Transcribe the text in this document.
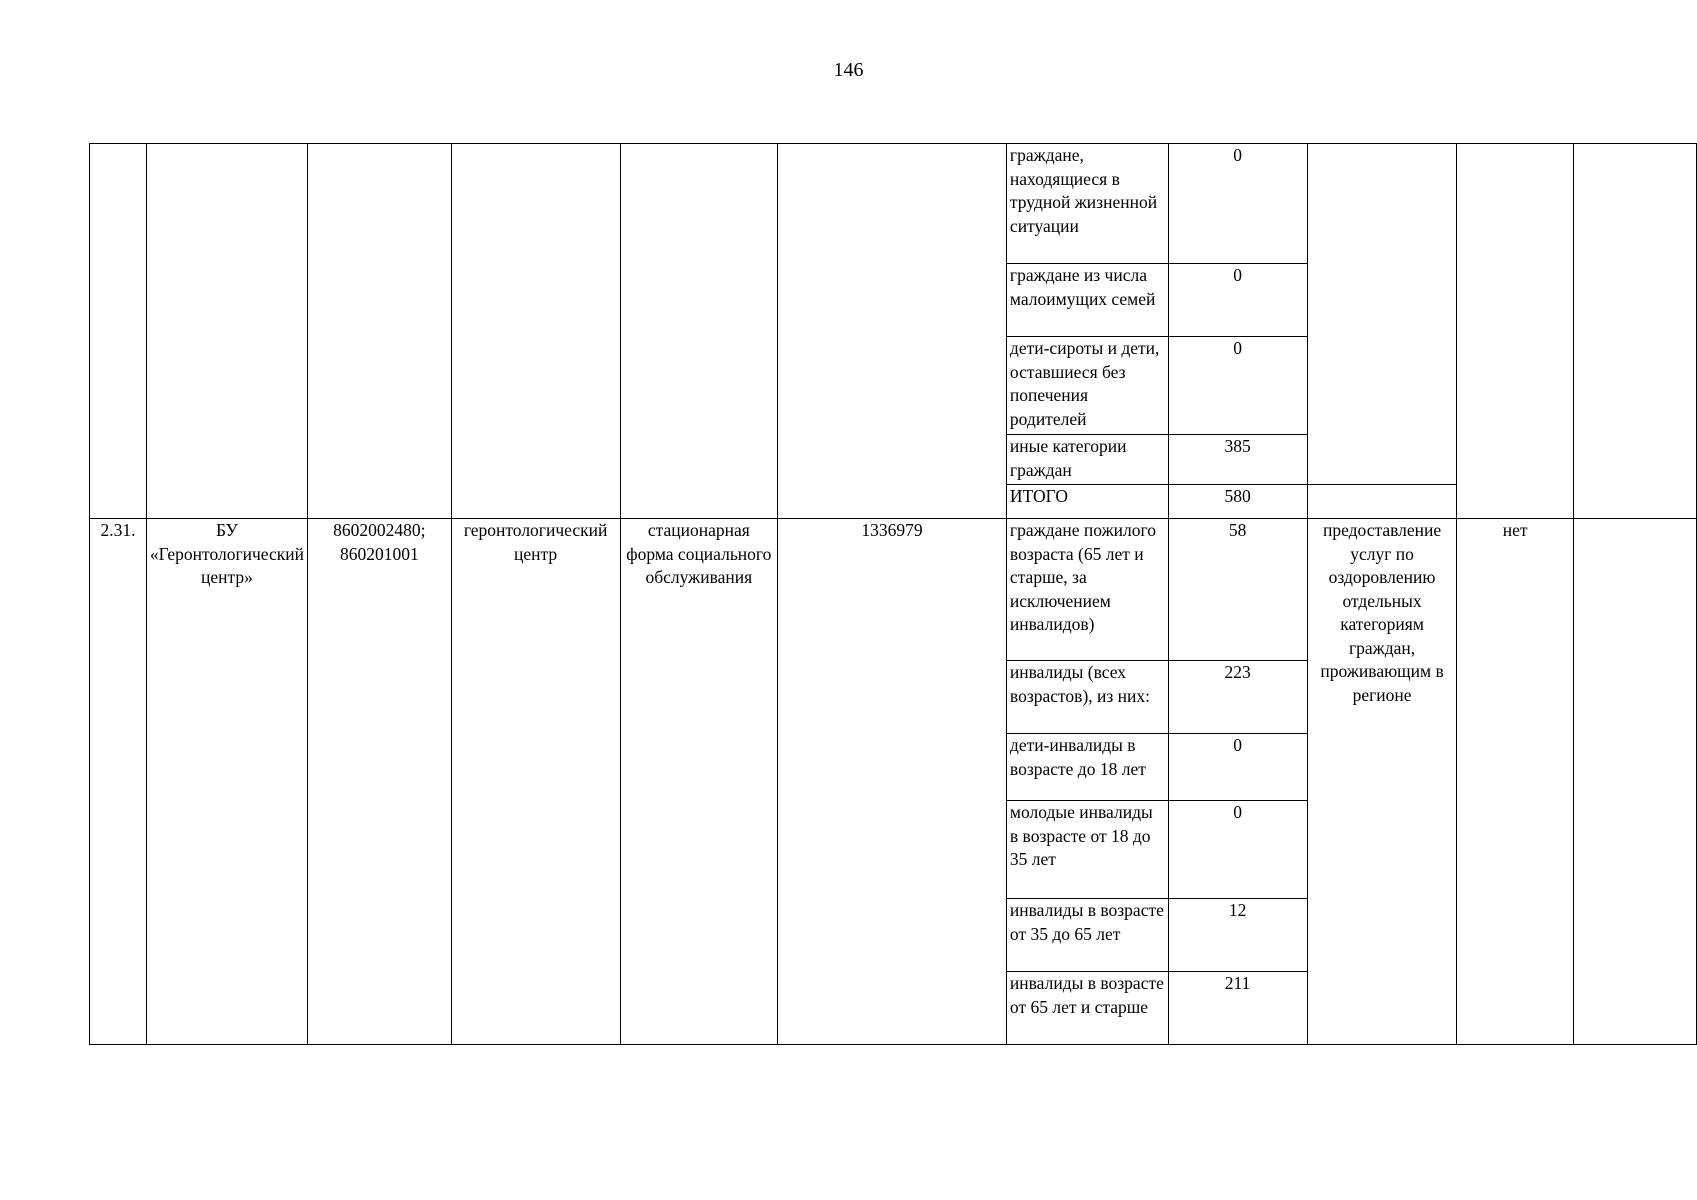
146
						граждане, находящиеся в трудной жизненной ситуации	0			
						граждане из числа малоимущих семей	0			
						дети-сироты и дети, оставшиеся без попечения родителей	0			
						иные категории граждан	385			
						ИТОГО	580			
2.31.	БУ «Геронтологический центр»	8602002480; 860201001	геронтологический центр	стационарная форма социального обслуживания	1336979	граждане пожилого возраста (65 лет и старше, за исключением инвалидов)	58	предоставление услуг по оздоровлению отдельных категориям граждан, проживающим в регионе	нет	
						инвалиды (всех возрастов), из них:	223			
						дети-инвалиды в возрасте до 18 лет	0			
						молодые инвалиды в возрасте от 18 до 35 лет	0			
						инвалиды в возрасте от 35 до 65 лет	12			
						инвалиды в возрасте от 65 лет и старше	211			
